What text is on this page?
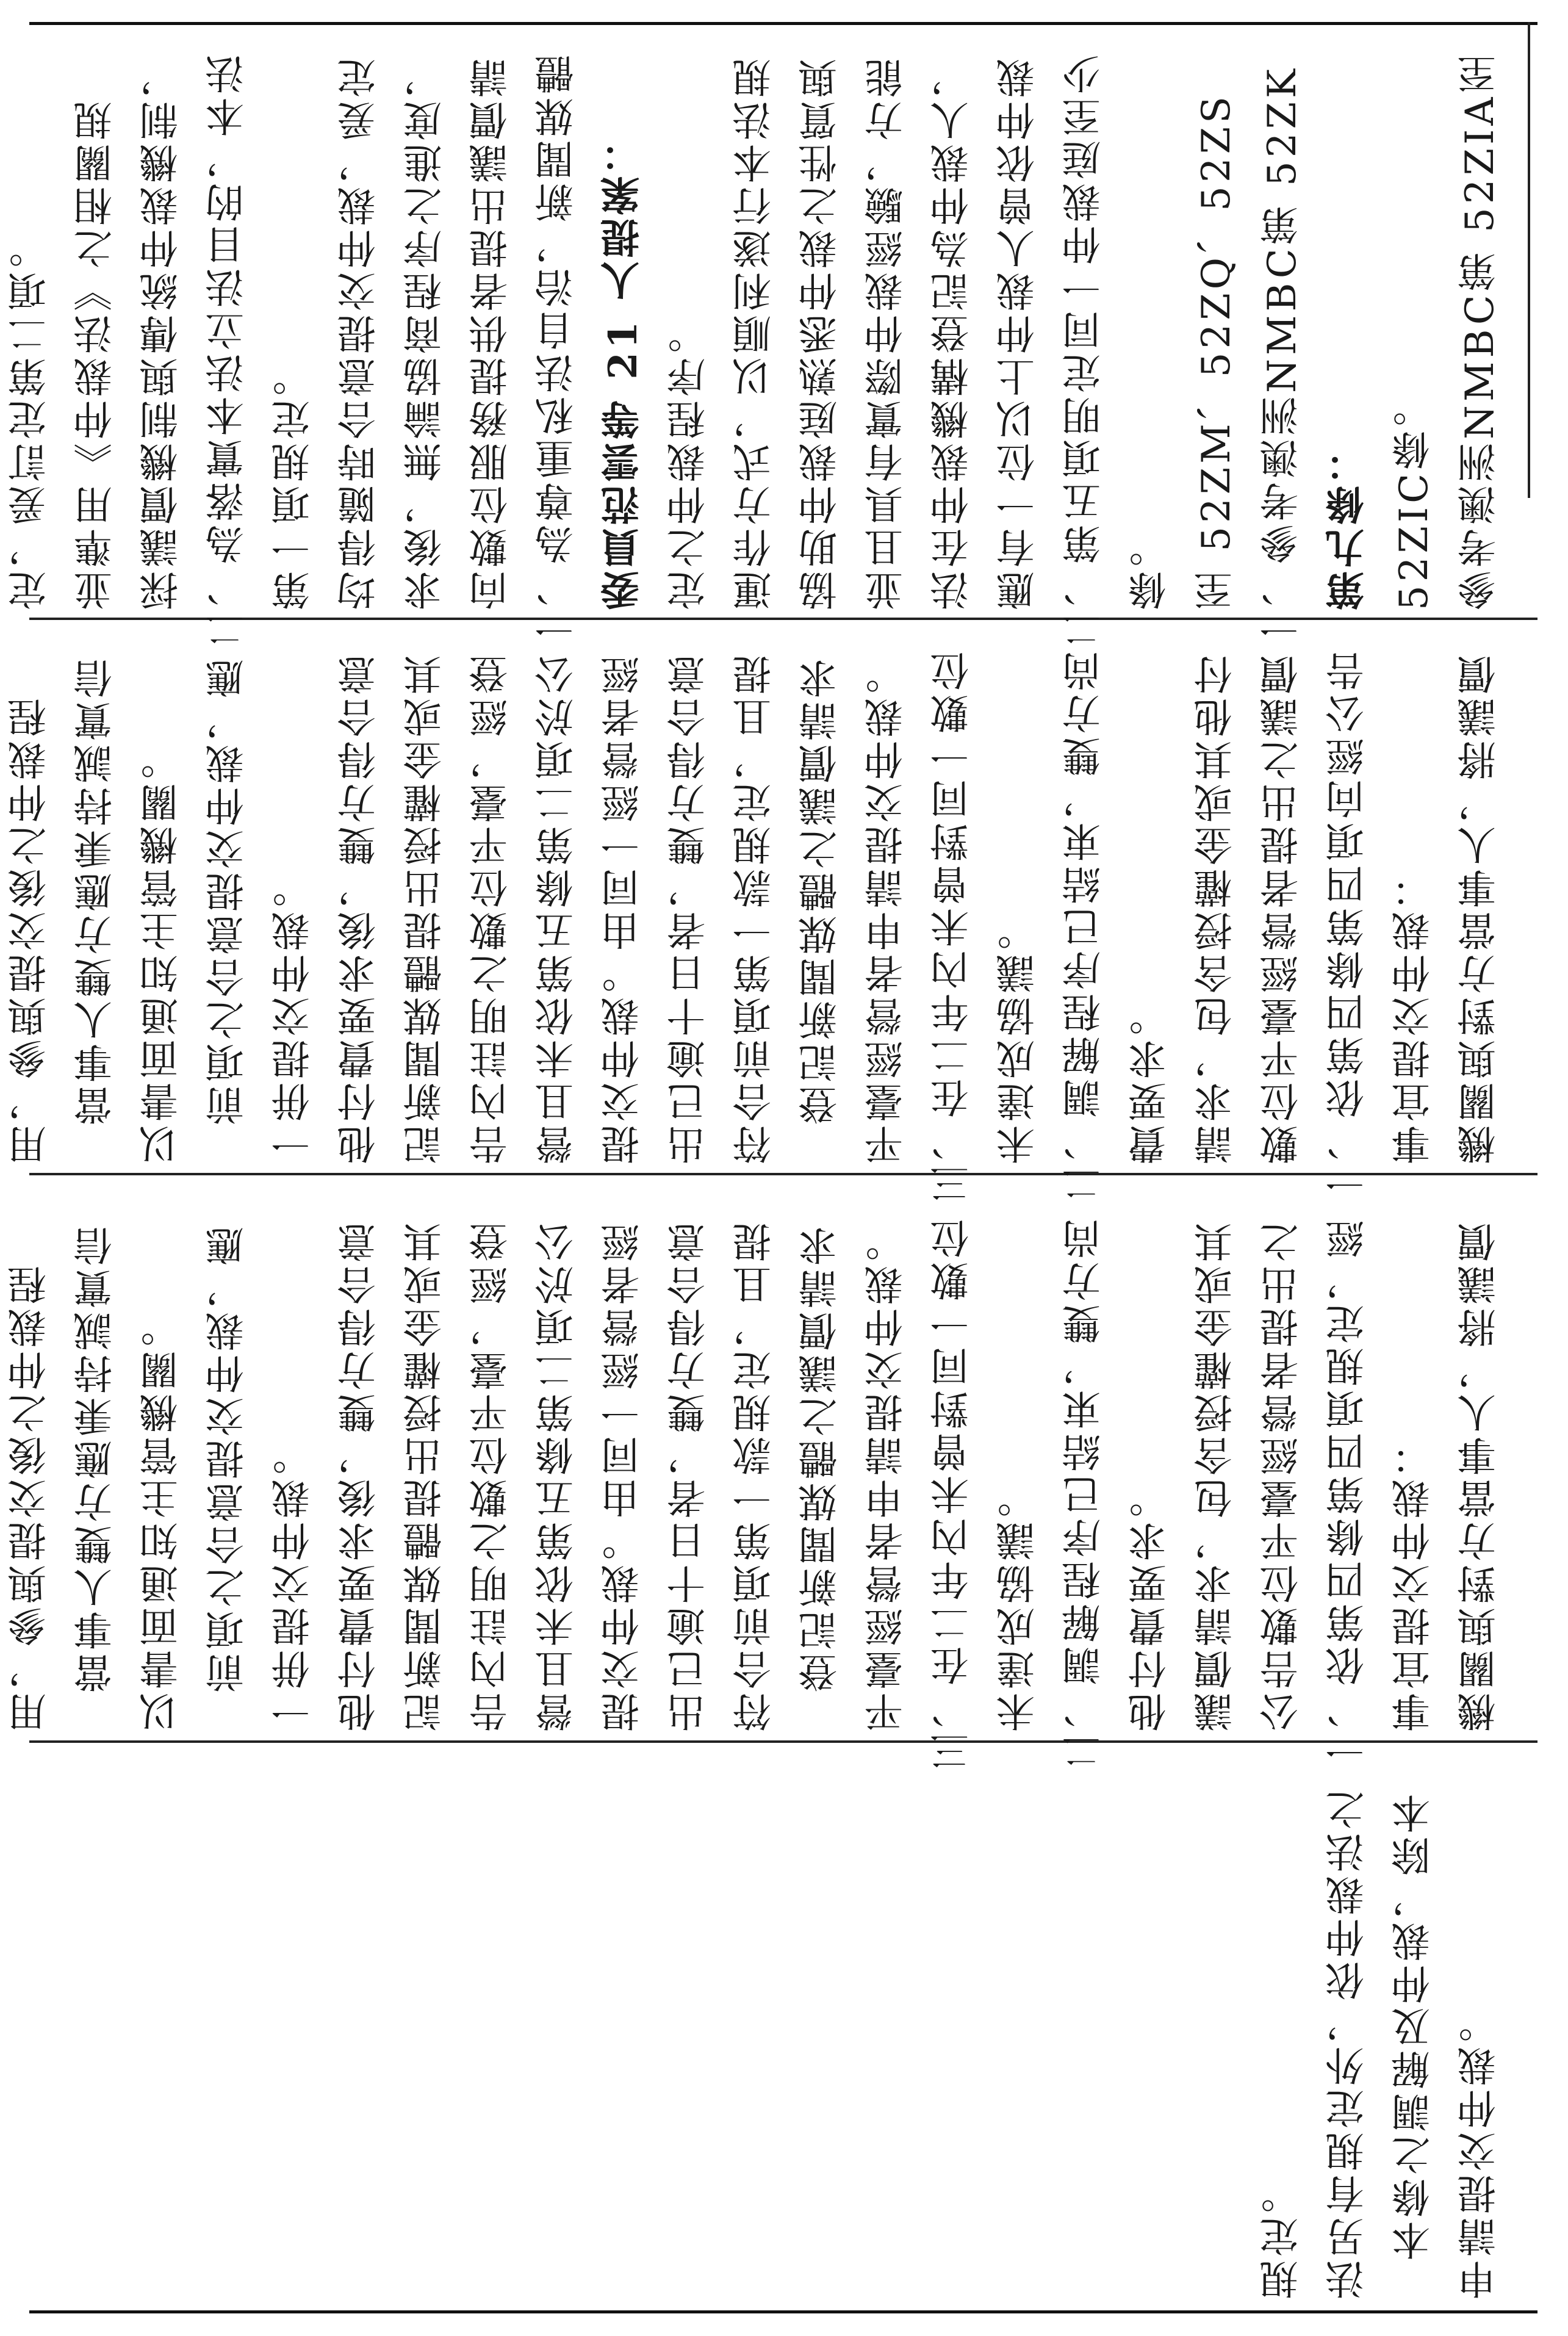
參考澳洲NMBC第 52ZIA至 52ZIC條。

第九條：

一、參考澳洲NMBC第 52ZK至 52ZM、52ZQ、52ZS條。

二、第五項明定同一仲裁庭至少應有一位以上仲裁人曾依仲裁法在仲裁機構登記為仲裁人，並且具有實際仲裁經驗，方能協助仲裁庭熟悉仲裁之性質與運作方式，以順利遂行本法規定之仲裁程序。

委員范雲等 21 人提案：

一、為尊重私法自治，新聞媒體向數位服務提供者提出議價請求後，無論協商程序之進度，均得隨時合意提交仲裁，爰定第一項規定。

二、為落實本法立法目的，本法採議價機制與傳統仲裁機制，並準用《仲裁法》之相關規定，爰訂定第二項。

機關與對方當事人，將議價事宜提交仲裁：

一、依第四條第四項向經公告數位平臺經營者提出之議價請求，包含授權金或其他付費要求。

二、調解程序已結束，雙方尚未達成協議。

三、在二年內未曾對同一數位平臺經營者申請提交仲裁。

登記新聞媒體之議價請求符合前項第一款規定，且提出已逾十日者，雙方得合意提交仲裁。由同一經營者經營且未依第五條第二項於公告內註明之數位平臺，經登記新聞媒體提出授權金或其他付費要求後，雙方得合意一併提交仲裁。

前項之合意提交仲裁，應以書面通知主管機關。

當事人雙方應秉持誠實信用，參與提交後之仲裁程

機關與對方當事人，將議價事宜提交仲裁：

一、依第四條第四項規定，經公告數位平臺經營者提出之議價請求，包含授權金或其他付費要求。

二、調解程序已結束，雙方尚未達成協議。

三、在二年內未曾對同一數位平臺經營者申請提交仲裁。

登記新聞媒體之議價請求符合前項第一款規定，且提出已逾十日者，雙方得合意提交仲裁。由同一經營者經營且未依第五條第二項於公告內註明之數位平臺，經登記新聞媒體提出授權金或其他付費要求後，雙方得合意一併提交仲裁。

前項之合意提交仲裁，應以書面通知主管機關。

當事人雙方應秉持誠實信用，參與提交後之仲裁程

申請提交仲裁。

本條之調解及仲裁，除本法另有規定外，依仲裁法之規定。
